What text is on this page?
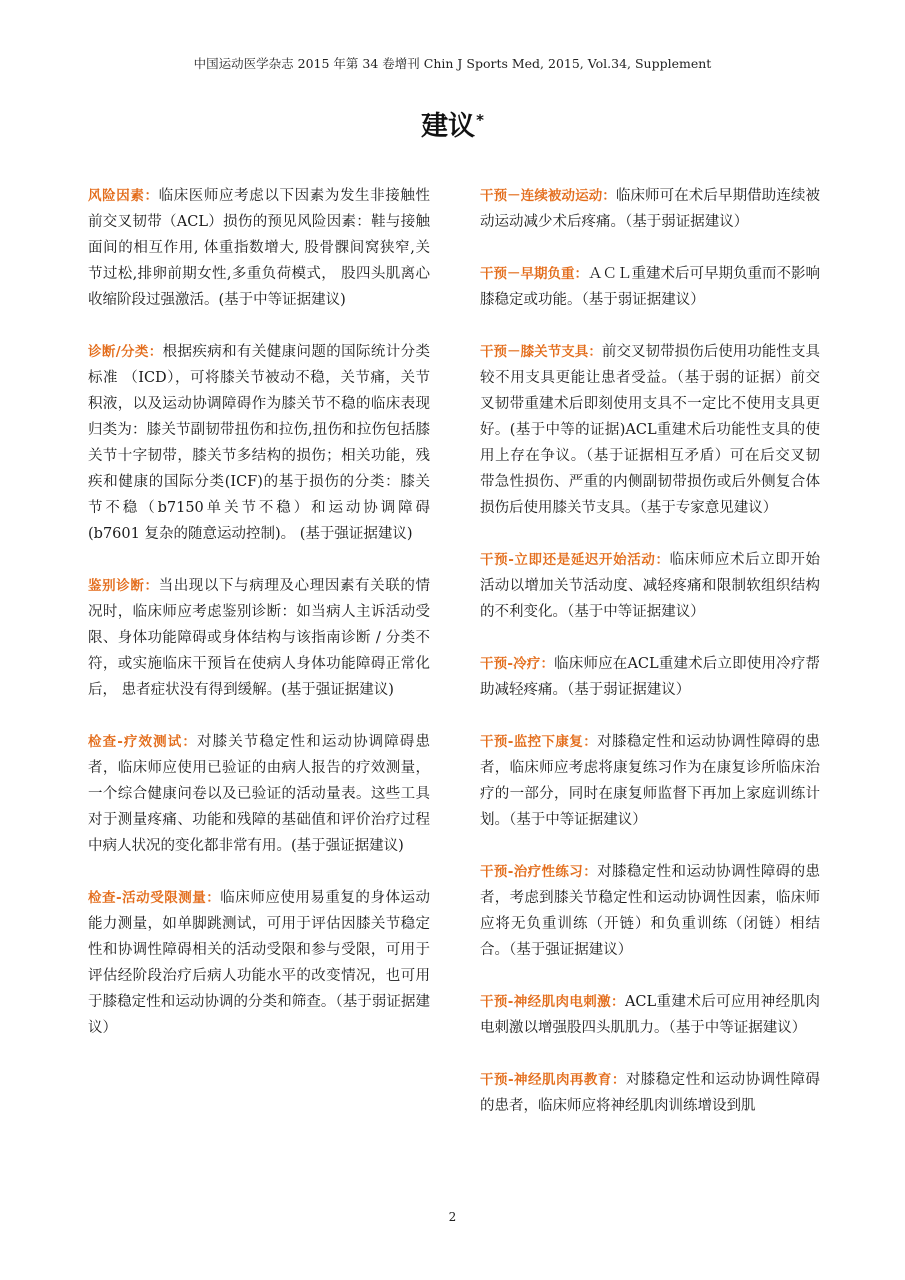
中国运动医学杂志 2015 年第 34 卷增刊 Chin J Sports Med, 2015, Vol.34, Supplement
建议*

风险因素：临床医师应考虑以下因素为发生非接触性前交叉韧带（ACL）损伤的预见风险因素：鞋与接触面间的相互作用, 体重指数增大, 股骨髁间窝狭窄,关节过松,排卵前期女性,多重负荷模式， 股四头肌离心收缩阶段过强激活。(基于中等证据建议)

诊断/分类：根据疾病和有关健康问题的国际统计分类标准 （ICD），可将膝关节被动不稳，关节痛，关节积液，以及运动协调障碍作为膝关节不稳的临床表现归类为：膝关节副韧带扭伤和拉伤,扭伤和拉伤包括膝关节十字韧带，膝关节多结构的损伤；相关功能，残疾和健康的国际分类(ICF)的基于损伤的分类：膝关节不稳（b7150单关节不稳）和运动协调障碍(b7601 复杂的随意运动控制)。 (基于强证据建议)

鉴别诊断：当出现以下与病理及心理因素有关联的情况时，临床师应考虑鉴别诊断：如当病人主诉活动受限、身体功能障碍或身体结构与该指南诊断 / 分类不符，或实施临床干预旨在使病人身体功能障碍正常化后， 患者症状没有得到缓解。(基于强证据建议)

检查-疗效测试：对膝关节稳定性和运动协调障碍患者，临床师应使用已验证的由病人报告的疗效测量，一个综合健康问卷以及已验证的活动量表。这些工具对于测量疼痛、功能和残障的基础值和评价治疗过程中病人状况的变化都非常有用。(基于强证据建议)

检查-活动受限测量：临床师应使用易重复的身体运动能力测量，如单脚跳测试，可用于评估因膝关节稳定性和协调性障碍相关的活动受限和参与受限，可用于评估经阶段治疗后病人功能水平的改变情况，也可用于膝稳定性和运动协调的分类和筛查。（基于弱证据建议）

干预－连续被动运动：临床师可在术后早期借助连续被动运动减少术后疼痛。（基于弱证据建议）

干预－早期负重：ＡＣＬ重建术后可早期负重而不影响膝稳定或功能。（基于弱证据建议）

干预－膝关节支具：前交叉韧带损伤后使用功能性支具较不用支具更能让患者受益。（基于弱的证据）前交叉韧带重建术后即刻使用支具不一定比不使用支具更好。(基于中等的证据)ACL重建术后功能性支具的使用上存在争议。（基于证据相互矛盾）可在后交叉韧带急性损伤、严重的内侧副韧带损伤或后外侧复合体损伤后使用膝关节支具。（基于专家意见建议）

干预-立即还是延迟开始活动：临床师应术后立即开始活动以增加关节活动度、减轻疼痛和限制软组织结构的不利变化。（基于中等证据建议）

干预-冷疗：临床师应在ACL重建术后立即使用冷疗帮助减轻疼痛。（基于弱证据建议）

干预-监控下康复：对膝稳定性和运动协调性障碍的患者，临床师应考虑将康复练习作为在康复诊所临床治疗的一部分，同时在康复师监督下再加上家庭训练计划。（基于中等证据建议）

干预-治疗性练习：对膝稳定性和运动协调性障碍的患者，考虑到膝关节稳定性和运动协调性因素，临床师应将无负重训练（开链）和负重训练（闭链）相结合。（基于强证据建议）

干预-神经肌肉电刺激：ACL重建术后可应用神经肌肉电刺激以增强股四头肌肌力。（基于中等证据建议）

干预-神经肌肉再教育：对膝稳定性和运动协调性障碍的患者，临床师应将神经肌肉训练增设到肌

2
